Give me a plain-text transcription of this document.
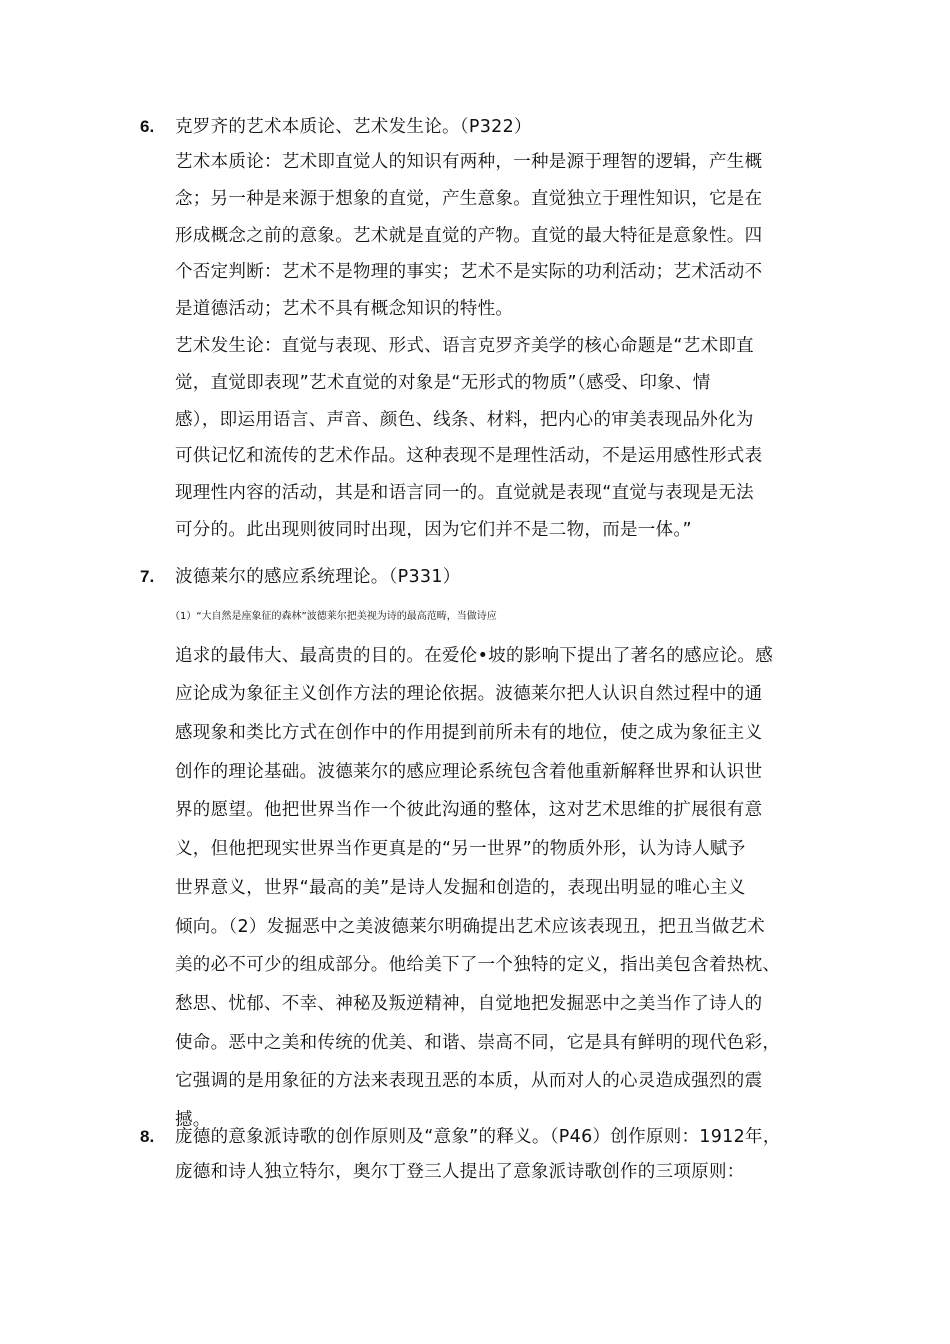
6.	克罗齐的艺术本质论、艺术发生论。（P322）
艺术本质论：艺术即直觉人的知识有两种，一种是源于理智的逻辑，产生概
念；另一种是来源于想象的直觉，产生意象。直觉独立于理性知识，它是在
形成概念之前的意象。艺术就是直觉的产物。直觉的最大特征是意象性。四
个否定判断：艺术不是物理的事实；艺术不是实际的功利活动；艺术活动不
是道德活动；艺术不具有概念知识的特性。
艺术发生论：直觉与表现、形式、语言克罗齐美学的核心命题是“艺术即直
觉，直觉即表现”艺术直觉的对象是“无形式的物质”（感受、印象、情
感），即运用语言、声音、颜色、线条、材料，把内心的审美表现品外化为
可供记忆和流传的艺术作品。这种表现不是理性活动，不是运用感性形式表
现理性内容的活动，其是和语言同一的。直觉就是表现“直觉与表现是无法
可分的。此出现则彼同时出现，因为它们并不是二物，而是一体。”
7.	波德莱尔的感应系统理论。（P331）
（1）“大自然是座象征的森林”波德莱尔把美视为诗的最高范畴，当做诗应
追求的最伟大、最高贵的目的。在爱伦•坡的影响下提出了著名的感应论。感
应论成为象征主义创作方法的理论依据。波德莱尔把人认识自然过程中的通
感现象和类比方式在创作中的作用提到前所未有的地位，使之成为象征主义
创作的理论基础。波德莱尔的感应理论系统包含着他重新解释世界和认识世
界的愿望。他把世界当作一个彼此沟通的整体，这对艺术思维的扩展很有意
义，但他把现实世界当作更真是的“另一世界”的物质外形，认为诗人赋予
世界意义，世界“最高的美”是诗人发掘和创造的，表现出明显的唯心主义
倾向。（2）发掘恶中之美波德莱尔明确提出艺术应该表现丑，把丑当做艺术
美的必不可少的组成部分。他给美下了一个独特的定义，指出美包含着热枕、
愁思、忧郁、不幸、神秘及叛逆精神，自觉地把发掘恶中之美当作了诗人的
使命。恶中之美和传统的优美、和谐、崇高不同，它是具有鲜明的现代色彩，
它强调的是用象征的方法来表现丑恶的本质，从而对人的心灵造成强烈的震
撼。
8.	庞德的意象派诗歌的创作原则及“意象”的释义。（P46）创作原则：1912年，
庞德和诗人独立特尔，奥尔丁登三人提出了意象派诗歌创作的三项原则：
